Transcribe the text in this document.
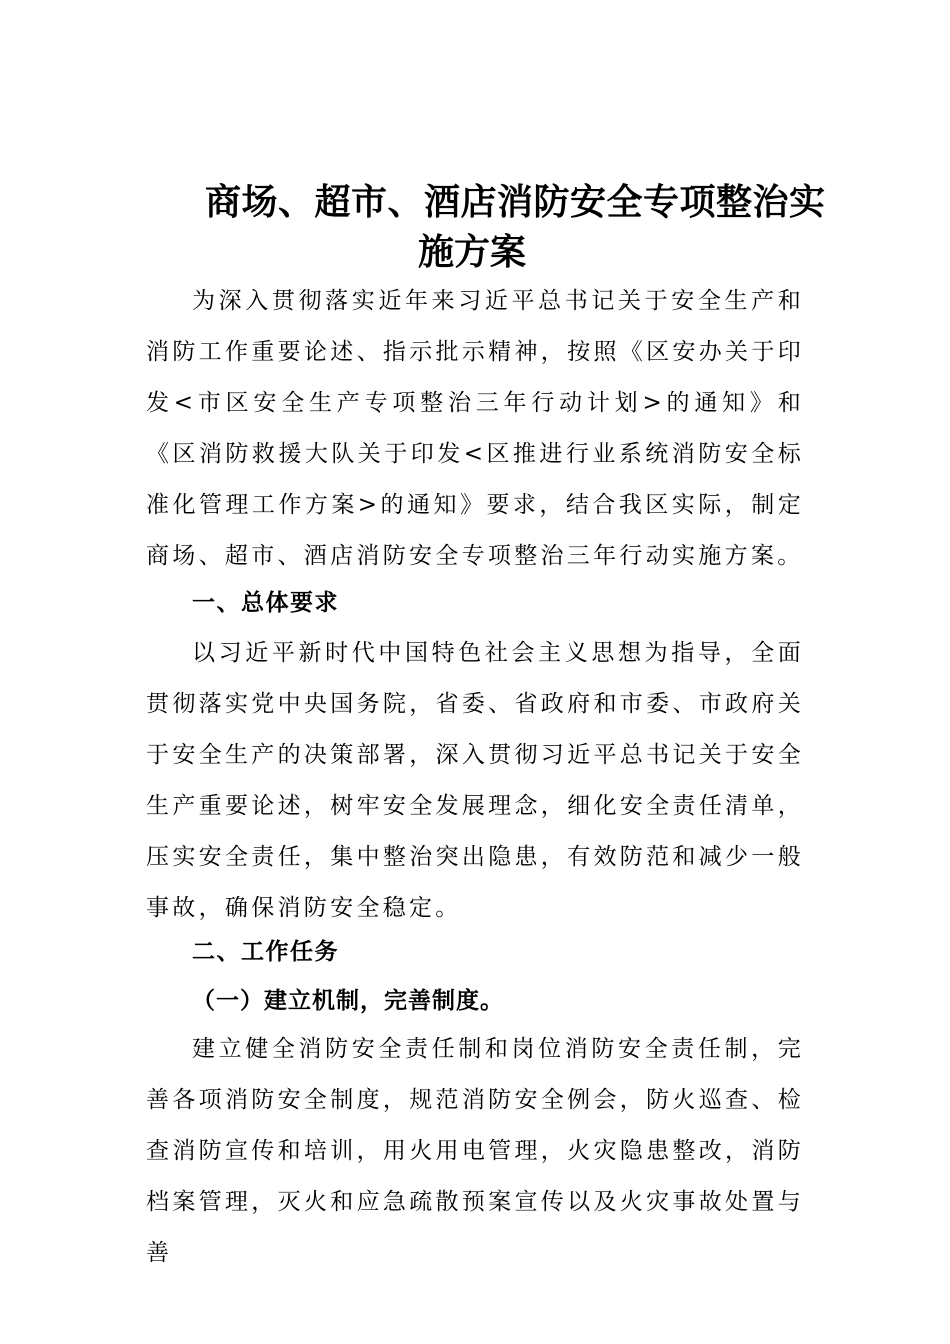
商场、超市、酒店消防安全专项整治实
施方案
为深入贯彻落实近年来习近平总书记关于安全生产和消防工作重要论述、指示批示精神，按照《区安办关于印发<市区安全生产专项整治三年行动计划>的通知》和《区消防救援大队关于印发<区推进行业系统消防安全标准化管理工作方案>的通知》要求，结合我区实际，制定商场、超市、酒店消防安全专项整治三年行动实施方案。
一、总体要求
以习近平新时代中国特色社会主义思想为指导，全面贯彻落实党中央国务院，省委、省政府和市委、市政府关于安全生产的决策部署，深入贯彻习近平总书记关于安全生产重要论述，树牢安全发展理念，细化安全责任清单，压实安全责任，集中整治突出隐患，有效防范和减少一般事故，确保消防安全稳定。
二、工作任务
（一）建立机制，完善制度。
建立健全消防安全责任制和岗位消防安全责任制，完善各项消防安全制度，规范消防安全例会，防火巡查、检查消防宣传和培训，用火用电管理，火灾隐患整改，消防档案管理，灭火和应急疏散预案宣传以及火灾事故处置与善
